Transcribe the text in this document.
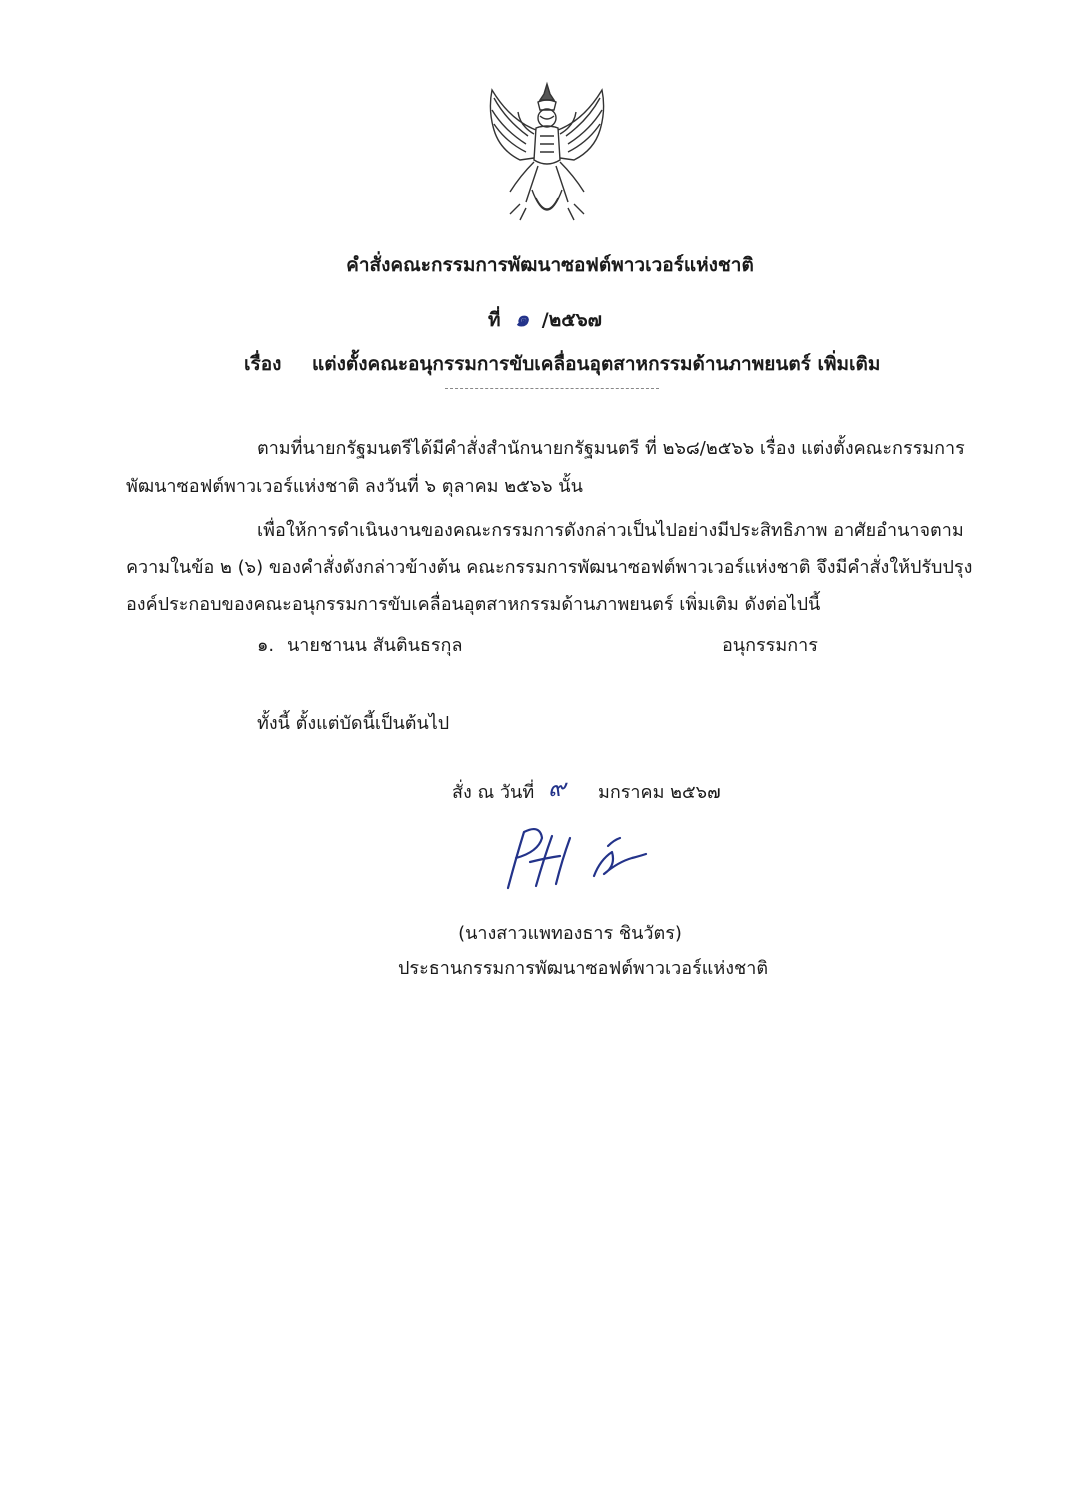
คำสั่งคณะกรรมการพัฒนาซอฟต์พาวเวอร์แห่งชาติ
ที่ ๑ /๒๕๖๗
เรื่อง แต่งตั้งคณะอนุกรรมการขับเคลื่อนอุตสาหกรรมด้านภาพยนตร์ เพิ่มเติม
ตามที่นายกรัฐมนตรีได้มีคำสั่งสำนักนายกรัฐมนตรี ที่ ๒๖๘/๒๕๖๖ เรื่อง แต่งตั้งคณะกรรมการ
พัฒนาซอฟต์พาวเวอร์แห่งชาติ ลงวันที่ ๖ ตุลาคม ๒๕๖๖ นั้น
เพื่อให้การดำเนินงานของคณะกรรมการดังกล่าวเป็นไปอย่างมีประสิทธิภาพ อาศัยอำนาจตาม
ความในข้อ ๒ (๖) ของคำสั่งดังกล่าวข้างต้น คณะกรรมการพัฒนาซอฟต์พาวเวอร์แห่งชาติ จึงมีคำสั่งให้ปรับปรุง
องค์ประกอบของคณะอนุกรรมการขับเคลื่อนอุตสาหกรรมด้านภาพยนตร์ เพิ่มเติม ดังต่อไปนี้
๑. นายชานน สันตินธรกุล	อนุกรรมการ
ทั้งนี้ ตั้งแต่บัดนี้เป็นต้นไป
สั่ง ณ วันที่ ๙ มกราคม ๒๕๖๗
(นางสาวแพทองธาร ชินวัตร)
ประธานกรรมการพัฒนาซอฟต์พาวเวอร์แห่งชาติ
